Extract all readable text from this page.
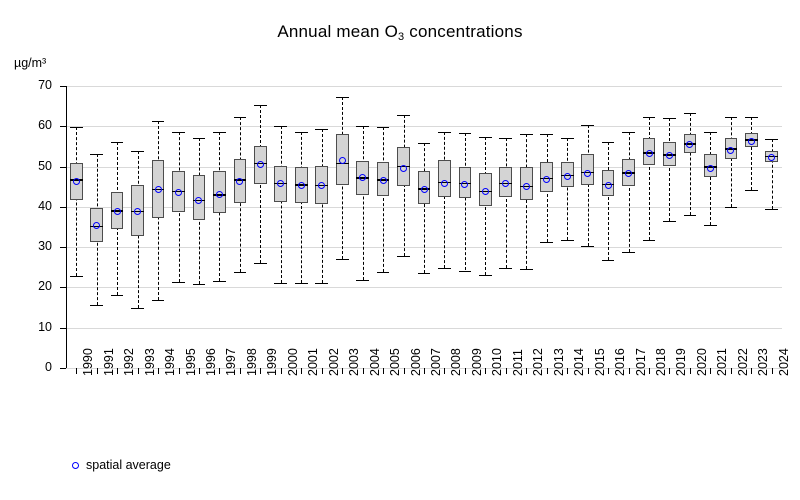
Annual mean $O_3$ concentrations
µg/m³
0
10
20
30
40
50
60
70
1990 1991 1992 1993 1994 1995 1996 1997 1998 1999 2000 2001 2002 2003 2004 2005 2006 2007 2008 2009 2010 2011 2012 2013 2014 2015 2016 2017 2018 2019 2020 2021 2022 2023 2024
spatial average
